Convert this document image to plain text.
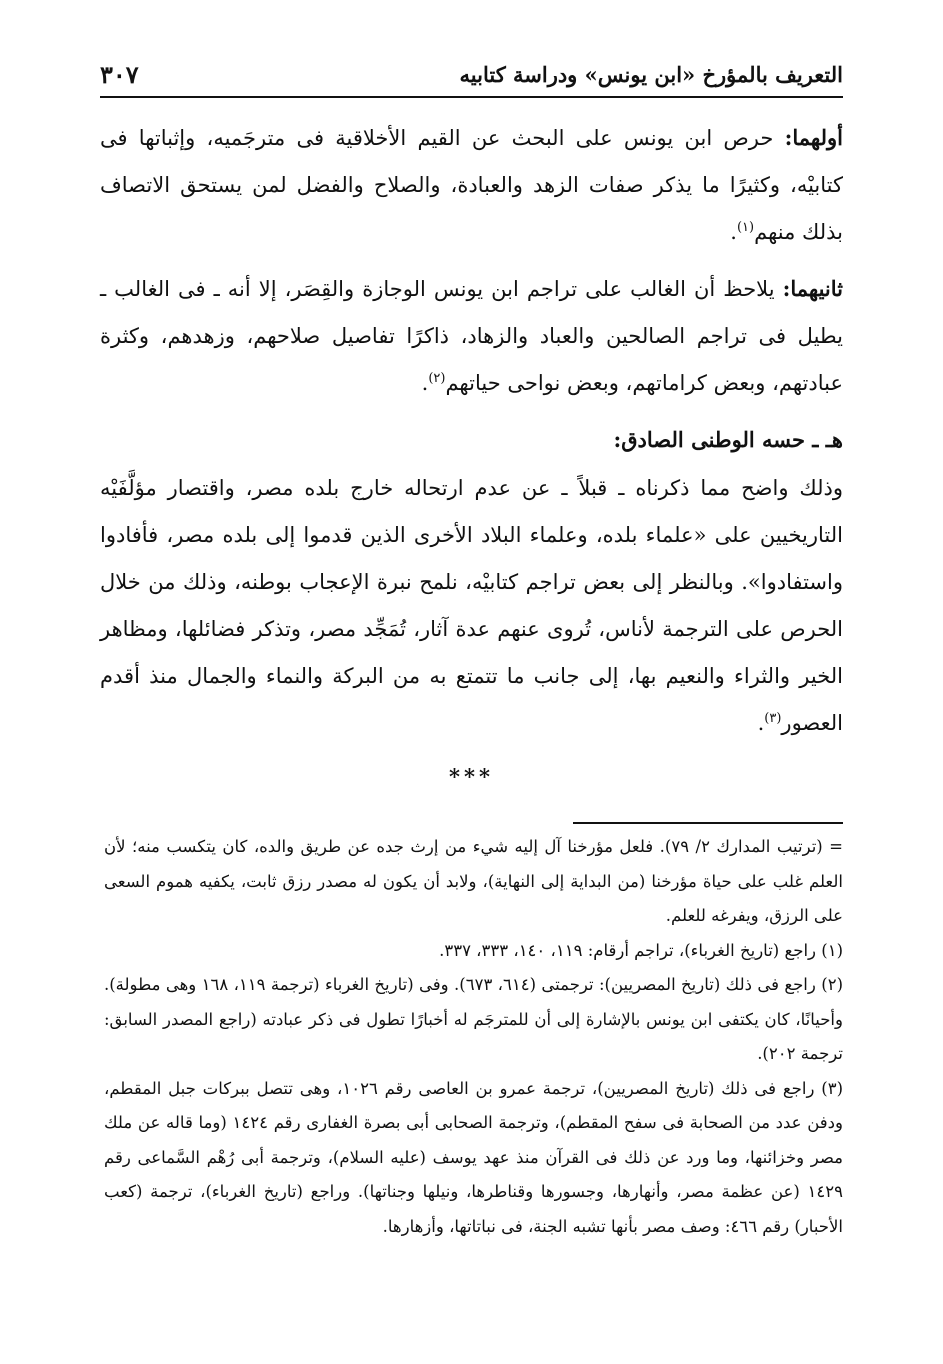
التعريف بالمؤرخ «ابن يونس» ودراسة كتابيه
٣٠٧

أولهما: حرص ابن يونس على البحث عن القيم الأخلاقية فى مترجَميه، وإثباتها فى كتابيْه، وكثيرًا ما يذكر صفات الزهد والعبادة، والصلاح والفضل لمن يستحق الاتصاف بذلك منهم$^{(١)}$.

ثانيهما: يلاحظ أن الغالب على تراجم ابن يونس الوجازة والقِصَر، إلا أنه ـ فى الغالب ـ يطيل فى تراجم الصالحين والعباد والزهاد، ذاكرًا تفاصيل صلاحهم، وزهدهم، وكثرة عبادتهم، وبعض كراماتهم، وبعض نواحى حياتهم$^{(٢)}$.

هـ ـ حسه الوطنى الصادق:

وذلك واضح مما ذكرناه ـ قبلاً ـ عن عدم ارتحاله خارج بلده مصر، واقتصار مؤلَّفَيْه التاريخيين على «علماء بلده، وعلماء البلاد الأخرى الذين قدموا إلى بلده مصر، فأفادوا واستفادوا». وبالنظر إلى بعض تراجم كتابيْه، نلمح نبرة الإعجاب بوطنه، وذلك من خلال الحرص على الترجمة لأناس، تُروى عنهم عدة آثار، تُمَجِّد مصر، وتذكر فضائلها، ومظاهر الخير والثراء والنعيم بها، إلى جانب ما تتمتع به من البركة والنماء والجمال منذ أقدم العصور$^{(٣)}$.

***

= (ترتيب المدارك ٢/ ٧٩). فلعل مؤرخنا آل إليه شيء من إرث جده عن طريق والده، كان يتكسب منه؛ لأن العلم غلب على حياة مؤرخنا (من البداية إلى النهاية)، ولابد أن يكون له مصدر رزق ثابت، يكفيه هموم السعى على الرزق، ويفرغه للعلم.

(١) راجع (تاريخ الغرباء)، تراجم أرقام: ١١٩، ١٤٠، ٣٣٣، ٣٣٧.

(٢) راجع فى ذلك (تاريخ المصريين): ترجمتى (٦١٤، ٦٧٣). وفى (تاريخ الغرباء (ترجمة ١١٩، ١٦٨ وهى مطولة). وأحيانًا، كان يكتفى ابن يونس بالإشارة إلى أن للمترجَم له أخبارًا تطول فى ذكر عبادته (راجع المصدر السابق: ترجمة ٢٠٢).

(٣) راجع فى ذلك (تاريخ المصريين)، ترجمة عمرو بن العاصى رقم ١٠٢٦، وهى تتصل ببركات جبل المقطم، ودفن عدد من الصحابة فى سفح المقطم)، وترجمة الصحابى أبى بصرة الغفارى رقم ١٤٢٤ (وما قاله عن ملك مصر وخزائنها، وما ورد عن ذلك فى القرآن منذ عهد يوسف (عليه السلام)، وترجمة أبى رُهْم السَّماعى رقم ١٤٢٩ (عن عظمة مصر، وأنهارها، وجسورها وقناطرها، ونيلها وجناتها). وراجع (تاريخ الغرباء)، ترجمة (كعب الأحبار) رقم ٤٦٦: وصف مصر بأنها تشبه الجنة، فى نباتاتها، وأزهارها.
